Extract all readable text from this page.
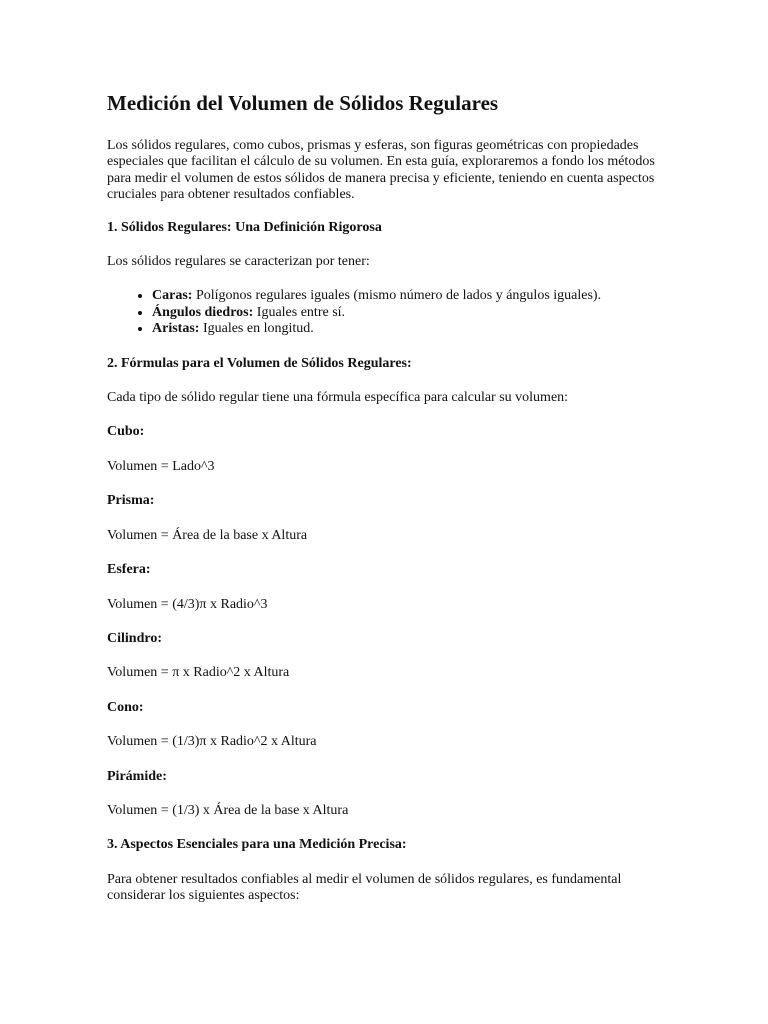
Medición del Volumen de Sólidos Regulares

Los sólidos regulares, como cubos, prismas y esferas, son figuras geométricas con propiedades especiales que facilitan el cálculo de su volumen. En esta guía, exploraremos a fondo los métodos para medir el volumen de estos sólidos de manera precisa y eficiente, teniendo en cuenta aspectos cruciales para obtener resultados confiables.

1. Sólidos Regulares: Una Definición Rigorosa

Los sólidos regulares se caracterizan por tener:

• Caras: Polígonos regulares iguales (mismo número de lados y ángulos iguales).
• Ángulos diedros: Iguales entre sí.
• Aristas: Iguales en longitud.

2. Fórmulas para el Volumen de Sólidos Regulares:

Cada tipo de sólido regular tiene una fórmula específica para calcular su volumen:

Cubo:

Volumen = Lado^3

Prisma:

Volumen = Área de la base x Altura

Esfera:

Volumen = (4/3)π x Radio^3

Cilindro:

Volumen = π x Radio^2 x Altura

Cono:

Volumen = (1/3)π x Radio^2 x Altura

Pirámide:

Volumen = (1/3) x Área de la base x Altura

3. Aspectos Esenciales para una Medición Precisa:

Para obtener resultados confiables al medir el volumen de sólidos regulares, es fundamental considerar los siguientes aspectos:
